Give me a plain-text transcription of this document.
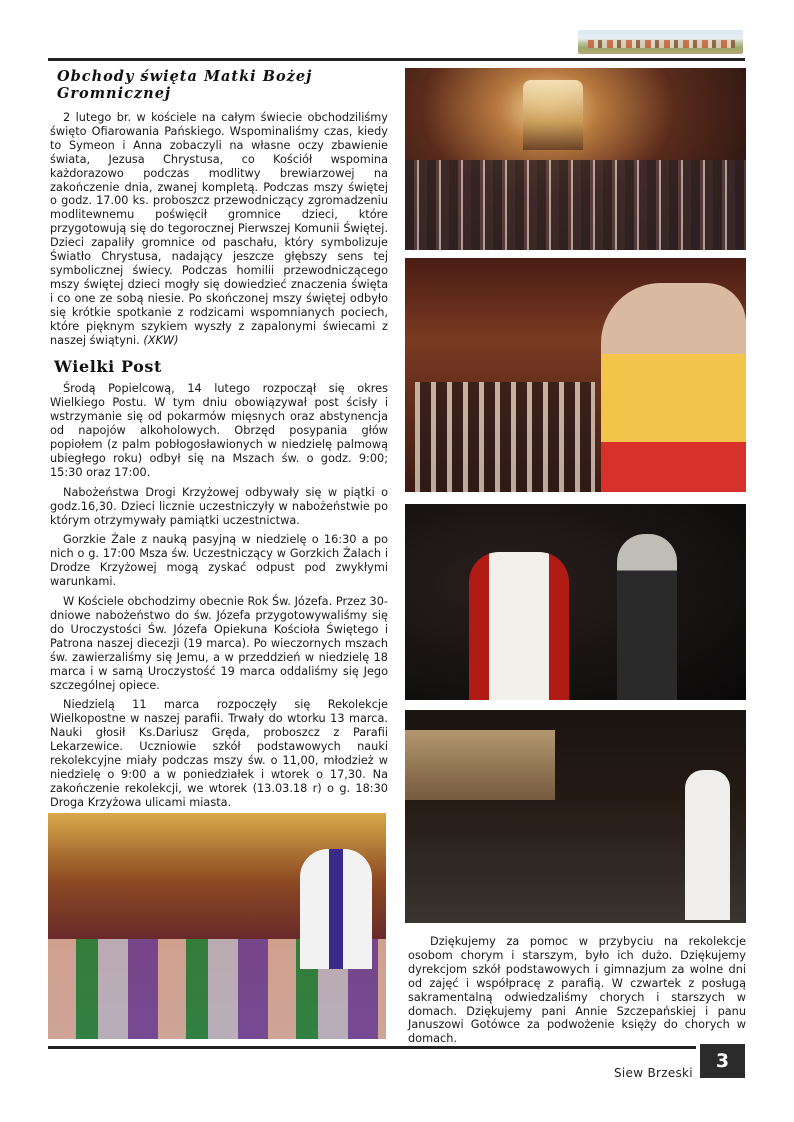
Obchody święta Matki Bożej Gromnicznej

2 lutego br. w kościele na całym świecie obchodziliśmy święto Ofiarowania Pańskiego. Wspominaliśmy czas, kiedy to Symeon i Anna zobaczyli na własne oczy zbawienie świata, Jezusa Chrystusa, co Kościół wspomina każdorazowo podczas modlitwy brewiarzowej na zakończenie dnia, zwanej kompletą. Podczas mszy świętej o godz. 17.00 ks. proboszcz przewodniczący zgromadzeniu modlitewnemu poświęcił gromnice dzieci, które przygotowują się do tegorocznej Pierwszej Komunii Świętej. Dzieci zapaliły gromnice od paschału, który symbolizuje Światło Chrystusa, nadający jeszcze głębszy sens tej symbolicznej świecy. Podczas homilii przewodniczącego mszy świętej dzieci mogły się dowiedzieć znaczenia święta i co one ze sobą niesie. Po skończonej mszy świętej odbyło się krótkie spotkanie z rodzicami wspomnianych pociech, które pięknym szykiem wyszły z zapalonymi świecami z naszej świątyni. (XKW)

Wielki Post

Środą Popielcową, 14 lutego rozpoczął się okres Wielkiego Postu. W tym dniu obowiązywał post ścisły i wstrzymanie się od pokarmów mięsnych oraz abstynencja od napojów alkoholowych. Obrzęd posypania głów popiołem (z palm pobłogosławionych w niedzielę palmową ubiegłego roku) odbył się na Mszach św. o godz. 9:00; 15:30 oraz 17:00.

Nabożeństwa Drogi Krzyżowej odbywały się w piątki o godz.16,30. Dzieci licznie uczestniczyły w nabożeństwie po którym otrzymywały pamiątki uczestnictwa.

Gorzkie Żale z nauką pasyjną w niedzielę o 16:30 a po nich o g. 17:00 Msza św. Uczestniczący w Gorzkich Żalach i Drodze Krzyżowej mogą zyskać odpust pod zwykłymi warunkami.

W Kościele obchodzimy obecnie Rok Św. Józefa. Przez 30-dniowe nabożeństwo do św. Józefa przygotowywaliśmy się do Uroczystości Św. Józefa Opiekuna Kościoła Świętego i Patrona naszej diecezji (19 marca). Po wieczornych mszach św. zawierzaliśmy się Jemu, a w przeddzień w niedzielę 18 marca i w samą Uroczystość 19 marca oddaliśmy się Jego szczególnej opiece.

Niedzielą 11 marca rozpoczęły się Rekolekcje Wielkopostne w naszej parafii. Trwały do wtorku 13 marca. Nauki głosił Ks.Dariusz Gręda, proboszcz z Parafii Lekarzewice. Uczniowie szkół podstawowych nauki rekolekcyjne miały podczas mszy św. o 11,00, młodzież w niedzielę o 9:00 a w poniedziałek i wtorek o 17,30. Na zakończenie rekolekcji, we wtorek (13.03.18 r) o g. 18:30 Droga Krzyżowa ulicami miasta.

Dziękujemy za pomoc w przybyciu na rekolekcje osobom chorym i starszym, było ich dużo. Dziękujemy dyrekcjom szkół podstawowych i gimnazjum za wolne dni od zajęć i współpracę z parafią. W czwartek z posługą sakramentalną odwiedzaliśmy chorych i starszych w domach. Dziękujemy pani Annie Szczepańskiej i panu Januszowi Gotówce za podwożenie księży do chorych w domach.

Siew Brzeski
3
